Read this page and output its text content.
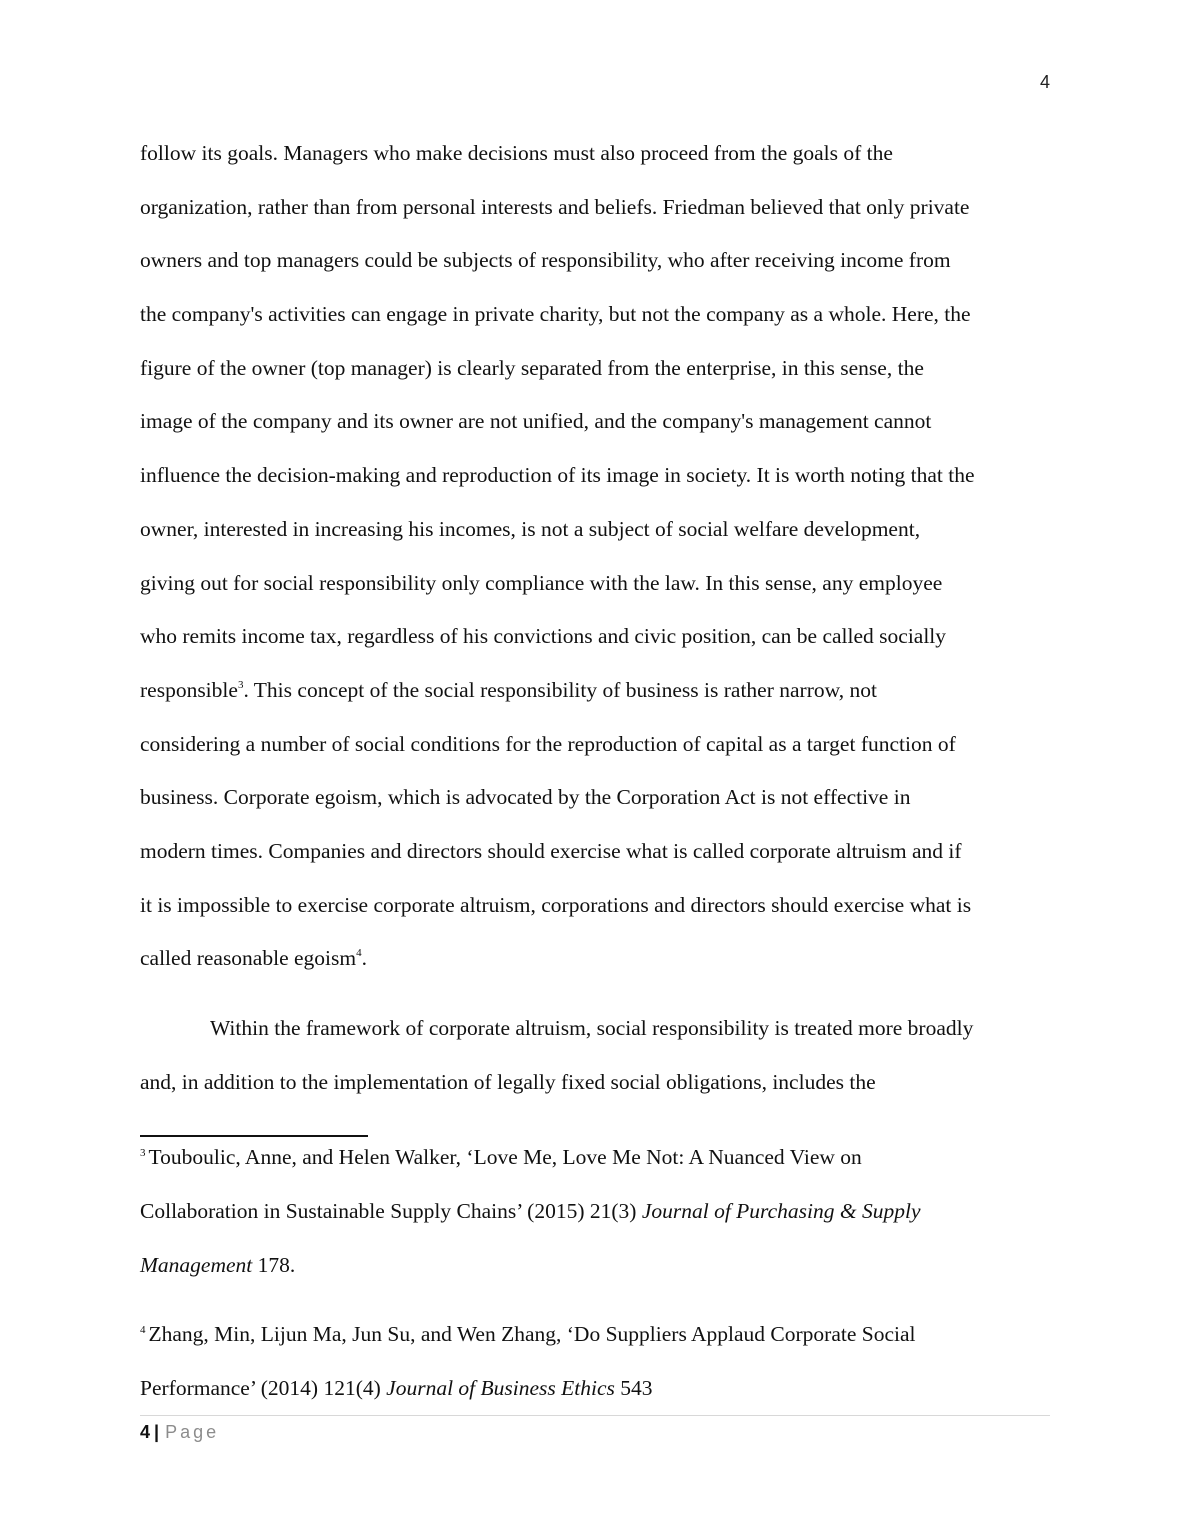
4
follow its goals. Managers who make decisions must also proceed from the goals of the
organization, rather than from personal interests and beliefs. Friedman believed that only private
owners and top managers could be subjects of responsibility, who after receiving income from
the company's activities can engage in private charity, but not the company as a whole. Here, the
figure of the owner (top manager) is clearly separated from the enterprise, in this sense, the
image of the company and its owner are not unified, and the company's management cannot
influence the decision-making and reproduction of its image in society. It is worth noting that the
owner, interested in increasing his incomes, is not a subject of social welfare development,
giving out for social responsibility only compliance with the law. In this sense, any employee
who remits income tax, regardless of his convictions and civic position, can be called socially
responsible$^3$. This concept of the social responsibility of business is rather narrow, not
considering a number of social conditions for the reproduction of capital as a target function of
business. Corporate egoism, which is advocated by the Corporation Act is not effective in
modern times. Companies and directors should exercise what is called corporate altruism and if
it is impossible to exercise corporate altruism, corporations and directors should exercise what is
called reasonable egoism$^4$.
Within the framework of corporate altruism, social responsibility is treated more broadly
and, in addition to the implementation of legally fixed social obligations, includes the
$^3$ Touboulic, Anne, and Helen Walker, ‘Love Me, Love Me Not: A Nuanced View on
Collaboration in Sustainable Supply Chains’ (2015) 21(3) Journal of Purchasing & Supply
Management 178.
$^4$ Zhang, Min, Lijun Ma, Jun Su, and Wen Zhang, ‘Do Suppliers Applaud Corporate Social
Performance’ (2014) 121(4) Journal of Business Ethics 543
4 | Page
